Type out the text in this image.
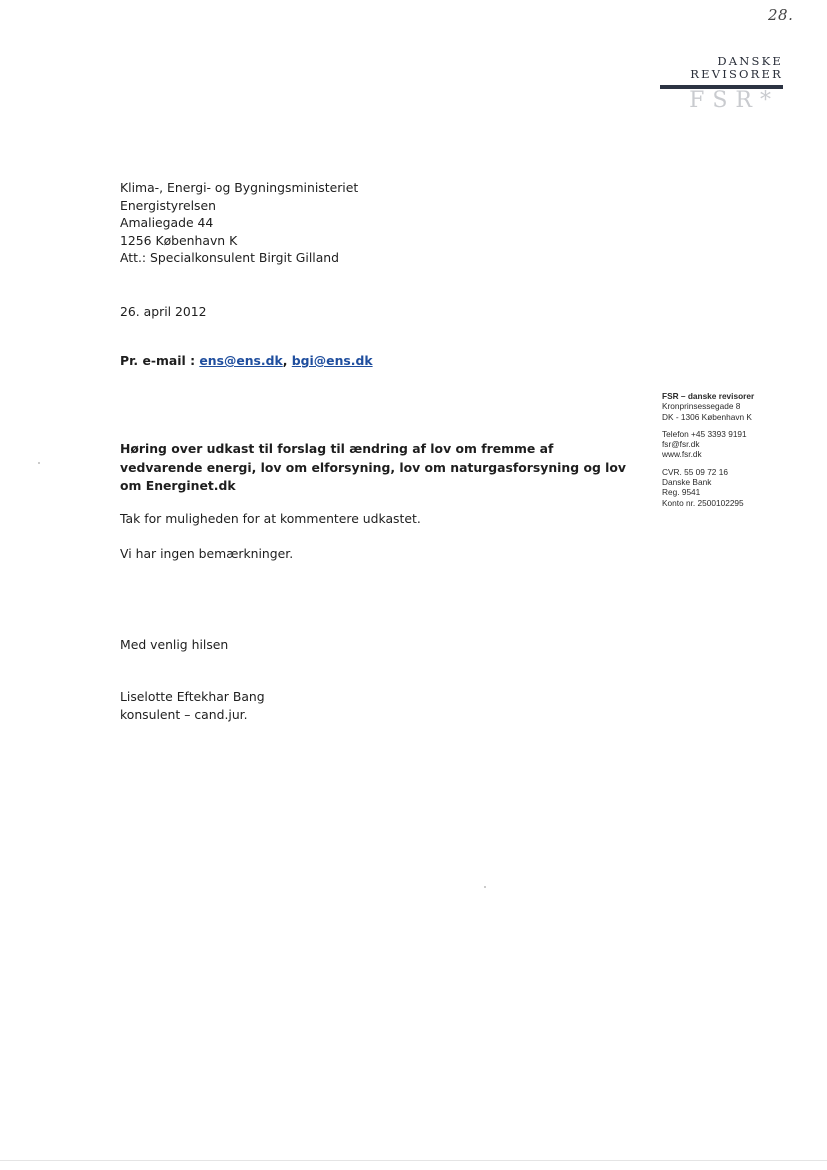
28.
DANSKE
REVISORER
FSR*
Klima-, Energi- og Bygningsministeriet
Energistyrelsen
Amaliegade 44
1256 København K
Att.: Specialkonsulent Birgit Gilland
26. april 2012
Pr. e-mail : ens@ens.dk, bgi@ens.dk
FSR – danske revisorer
Kronprinsessegade 8
DK - 1306 København K
Telefon +45 3393 9191
fsr@fsr.dk
www.fsr.dk
CVR. 55 09 72 16
Danske Bank
Reg. 9541
Konto nr. 2500102295
Høring over udkast til forslag til ændring af lov om fremme af vedvarende energi, lov om elforsyning, lov om naturgasforsyning og lov om Energinet.dk
Tak for muligheden for at kommentere udkastet.
Vi har ingen bemærkninger.
Med venlig hilsen
Liselotte Eftekhar Bang
konsulent – cand.jur.
